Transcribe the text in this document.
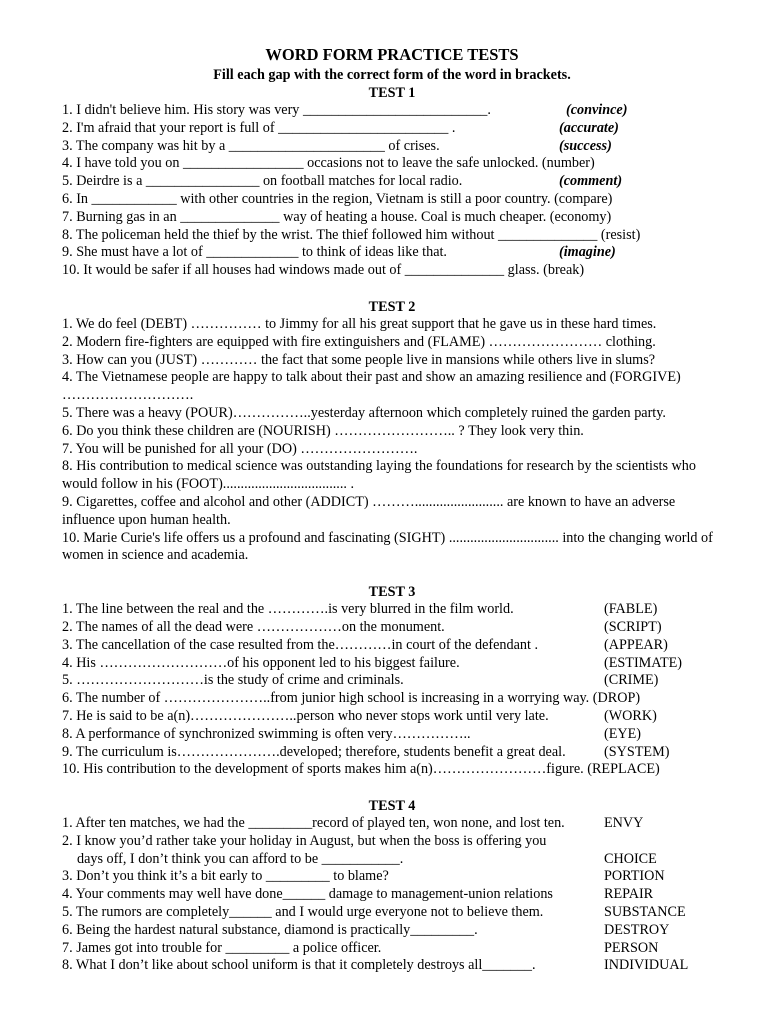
WORD FORM PRACTICE TESTS

Fill each gap with the correct form of the word in brackets.

TEST 1

1. I didn't believe him. His story was very __________________________.	(convince)
2. I'm afraid that your report is full of ________________________ .	(accurate)
3. The company was hit by a ______________________ of crises.	(success)
4. I have told you on _________________ occasions not to leave the safe unlocked. (number)
5. Deirdre is a ________________ on football matches for local radio.	(comment)
6. In ____________ with other countries in the region, Vietnam is still a poor country. (compare)
7. Burning gas in an ______________ way of heating a house. Coal is much cheaper. (economy)
8. The policeman held the thief by the wrist. The thief followed him without ______________ (resist)
9. She must have a lot of _____________ to think of ideas like that.	(imagine)
10. It would be safer if all houses had windows made out of ______________ glass. (break)

TEST 2

1. We do feel (DEBT) …………… to Jimmy for all his great support that he gave us in these hard times.
2. Modern fire-fighters are equipped with fire extinguishers and (FLAME) …………………… clothing.
3. How can you (JUST) ………… the fact that some people live in mansions while others live in slums?
4. The Vietnamese people are happy to talk about their past and show an amazing resilience and (FORGIVE) ……………………….
5. There was a heavy (POUR)……………..yesterday afternoon which completely ruined the garden party.
6. Do you think these children are (NOURISH) …………………….. ? They look very thin.
7. You will be punished for all your (DO) …………………….
8. His contribution to medical science was outstanding laying the foundations for research by the scientists who would follow in his (FOOT)................................... .
9. Cigarettes, coffee and alcohol and other (ADDICT) ………......................... are known to have an adverse influence upon human health.
10. Marie Curie's life offers us a profound and fascinating (SIGHT) ............................... into the changing world of women in science and academia.

TEST 3

1. The line between the real and the ………….is very blurred in the film world.	(FABLE)
2. The names of all the dead were ………………on the monument.	(SCRIPT)
3. The cancellation of the case resulted from the…………in court of the defendant .	(APPEAR)
4. His ………………………of his opponent led to his biggest failure.	(ESTIMATE)
5. ………………………is the study of crime and criminals.	(CRIME)
6. The number of …………………..from junior high school is increasing in a worrying way. (DROP)
7. He is said to be a(n)…………………..person who never stops work until very late.	(WORK)
8. A performance of synchronized swimming is often very……………..	(EYE)
9. The curriculum is………………….developed; therefore, students benefit a great deal.	(SYSTEM)
10. His contribution to the development of sports makes him a(n)……………………figure. (REPLACE)

TEST 4

1. After ten matches, we had the _________record of played ten, won none, and lost ten.	ENVY
2. I know you’d rather take your holiday in August, but when the boss is offering you
days off, I don’t think you can afford to be ___________.	CHOICE
3. Don’t you think it’s a bit early to _________ to blame?	PORTION
4. Your comments may well have done______ damage to management-union relations	REPAIR
5. The rumors are completely______ and I would urge everyone not to believe them.	SUBSTANCE
6. Being the hardest natural substance, diamond is practically_________.	DESTROY
7. James got into trouble for _________ a police officer.	PERSON
8. What I don’t like about school uniform is that it completely destroys all_______.	INDIVIDUAL
